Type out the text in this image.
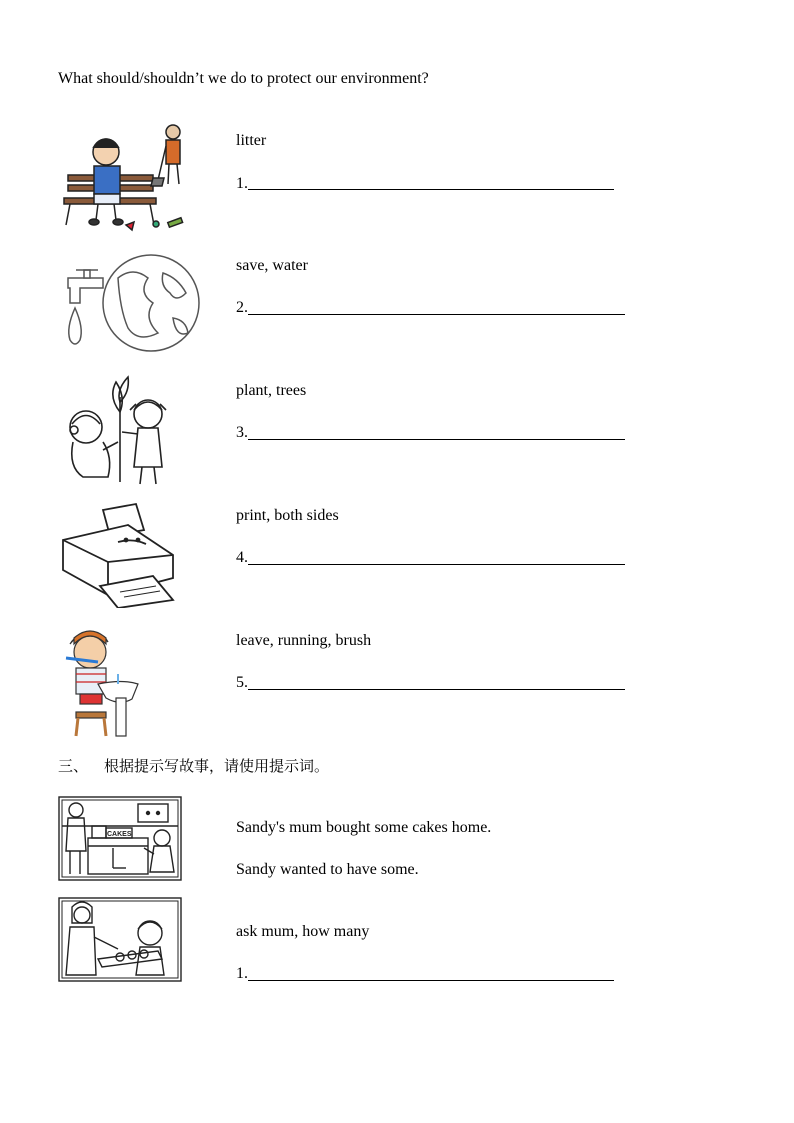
What should/shouldn’t we do to protect our environment?
litter
1.
save, water
2.
plant, trees
3.
print, both sides
4.
leave, running, brush
5.
三、 根据提示写故事，请使用提示词。
CAKES	Sandy's mum bought some cakes home.
Sandy wanted to have some.
ask mum, how many
1.
